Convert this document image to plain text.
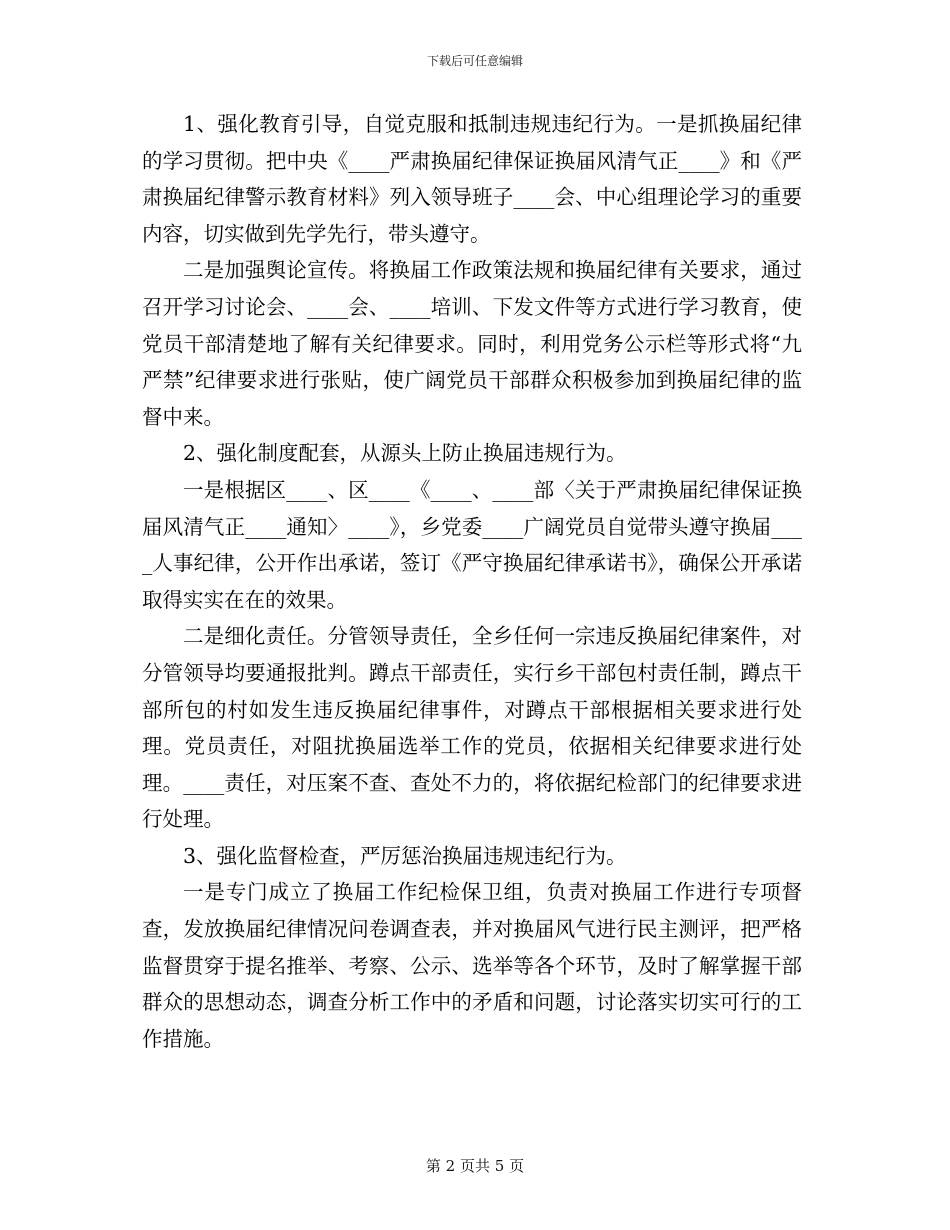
下载后可任意编辑

1、强化教育引导，自觉克服和抵制违规违纪行为。一是抓换届纪律的学习贯彻。把中央《____严肃换届纪律保证换届风清气正____》和《严肃换届纪律警示教育材料》列入领导班子____会、中心组理论学习的重要内容，切实做到先学先行，带头遵守。

二是加强舆论宣传。将换届工作政策法规和换届纪律有关要求，通过召开学习讨论会、____会、____培训、下发文件等方式进行学习教育，使党员干部清楚地了解有关纪律要求。同时，利用党务公示栏等形式将“九严禁”纪律要求进行张贴，使广阔党员干部群众积极参加到换届纪律的监督中来。

2、强化制度配套，从源头上防止换届违规行为。

一是根据区____、区____《____、____部〈关于严肃换届纪律保证换届风清气正____通知〉____》，乡党委____广阔党员自觉带头遵守换届____人事纪律，公开作出承诺，签订《严守换届纪律承诺书》，确保公开承诺取得实实在在的效果。

二是细化责任。分管领导责任，全乡任何一宗违反换届纪律案件，对分管领导均要通报批判。蹲点干部责任，实行乡干部包村责任制，蹲点干部所包的村如发生违反换届纪律事件，对蹲点干部根据相关要求进行处理。党员责任，对阻扰换届选举工作的党员，依据相关纪律要求进行处理。____责任，对压案不查、查处不力的，将依据纪检部门的纪律要求进行处理。

3、强化监督检查，严厉惩治换届违规违纪行为。

一是专门成立了换届工作纪检保卫组，负责对换届工作进行专项督查，发放换届纪律情况问卷调查表，并对换届风气进行民主测评，把严格监督贯穿于提名推举、考察、公示、选举等各个环节，及时了解掌握干部群众的思想动态，调查分析工作中的矛盾和问题，讨论落实切实可行的工作措施。

第 2 页共 5 页
